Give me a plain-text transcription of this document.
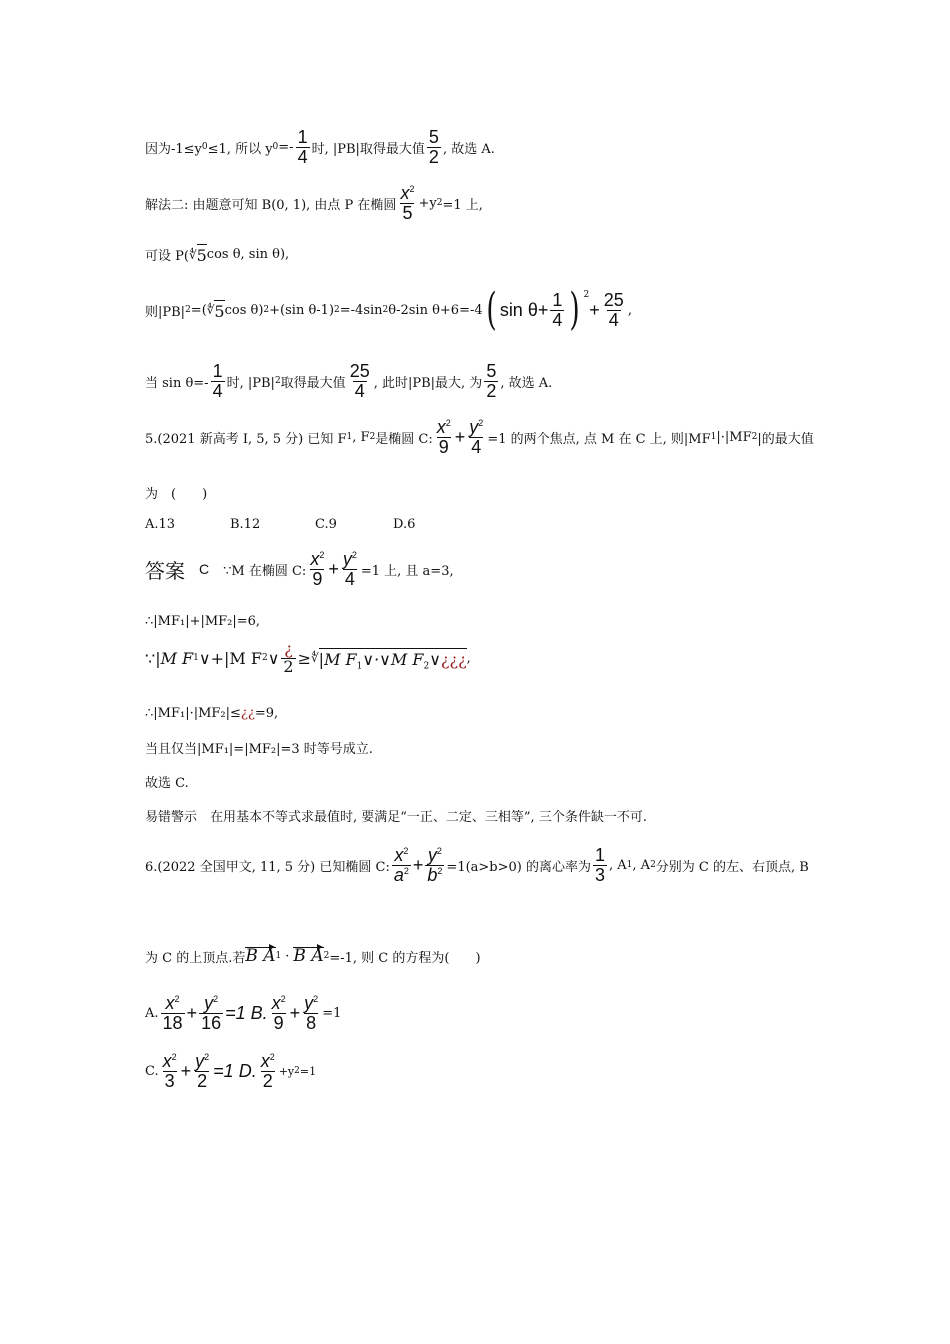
因为-1≤y 0 ≤1, 所以 y $0 =- \frac{1}{4}$ 时, |PB|取得最大值 $\frac{5}{2}$ , 故选 A.
解法二: 由题意可知 B(0, 1), 由点 P 在椭圆 $\frac{x^2}{5} +y$ 2 =1 上,
可设 P( ∜ 5 cos θ, sin θ),
则|PB| 2 =( ∜ 5 cos θ) 2 +(sin θ-1) 2 =-4sin 2 θ-2sin θ+6=-4 ( $\sin \theta+ \frac{1}{4}$ ) 2
+ $\frac{25}{4}$ ,
当 $\sin \theta=- \frac{1}{4}$ 时, |PB| 2 取得最大值 $\frac{25}{4}$ , 此时|PB|最大, 为 $\frac{5}{2}$ , 故选 A.
5.(2021 新高考 Ⅰ, 5, 5 分) 已知 F 1 , F 2 是椭圆 C: $\frac{x^2}{9} + \frac{y^2}{4} =1$ 的两个焦点, 点 M 在 C 上, 则|MF 1 |·|MF 2 |的最大值
为　(　　)
A.13	B.12	C.9	D.6
答案 C ∵M 在椭圆 C: $\frac{x^2}{9} + \frac{y^2}{4} =1$ 上, 且 a=3,
∴|MF₁|+|MF₂|=6,
∵ |M F 1 ∨+|M F 2 ∨ $\frac{¿}{2}$ ≥ ∜ |M $F_1\vee\cdot\vee M$ $F_2\vee¿¿¿$ ,
∴|MF₁|·|MF₂|≤ ¿¿ =9,
当且仅当|MF₁|=|MF₂|=3 时等号成立.
故选 C.
易错警示　在用基本不等式求最值时, 要满足“一正、二定、三相等”, 三个条件缺一不可.
6.(2022 全国甲文, 11, 5 分) 已知椭圆 C: $\frac{x^2}{a^2} + \frac{y^2}{b^2} =1(a>b>0)$ 的离心率为 $\frac{1}{3}$ , A 1 , A 2 分别为 C 的左、右顶点, B
为 C 的上顶点.若 B A 1 · B A 2 =-1, 则 C 的方程为(　　)
A. $\frac{x^2}{18} + \frac{y^2}{16} =1$ B. $\frac{x^2}{9} + \frac{y^2}{8} =1$
C. $\frac{x^2}{3} + \frac{y^2}{2} =1$ D. $\frac{x^2}{2} +y$ 2 =1
